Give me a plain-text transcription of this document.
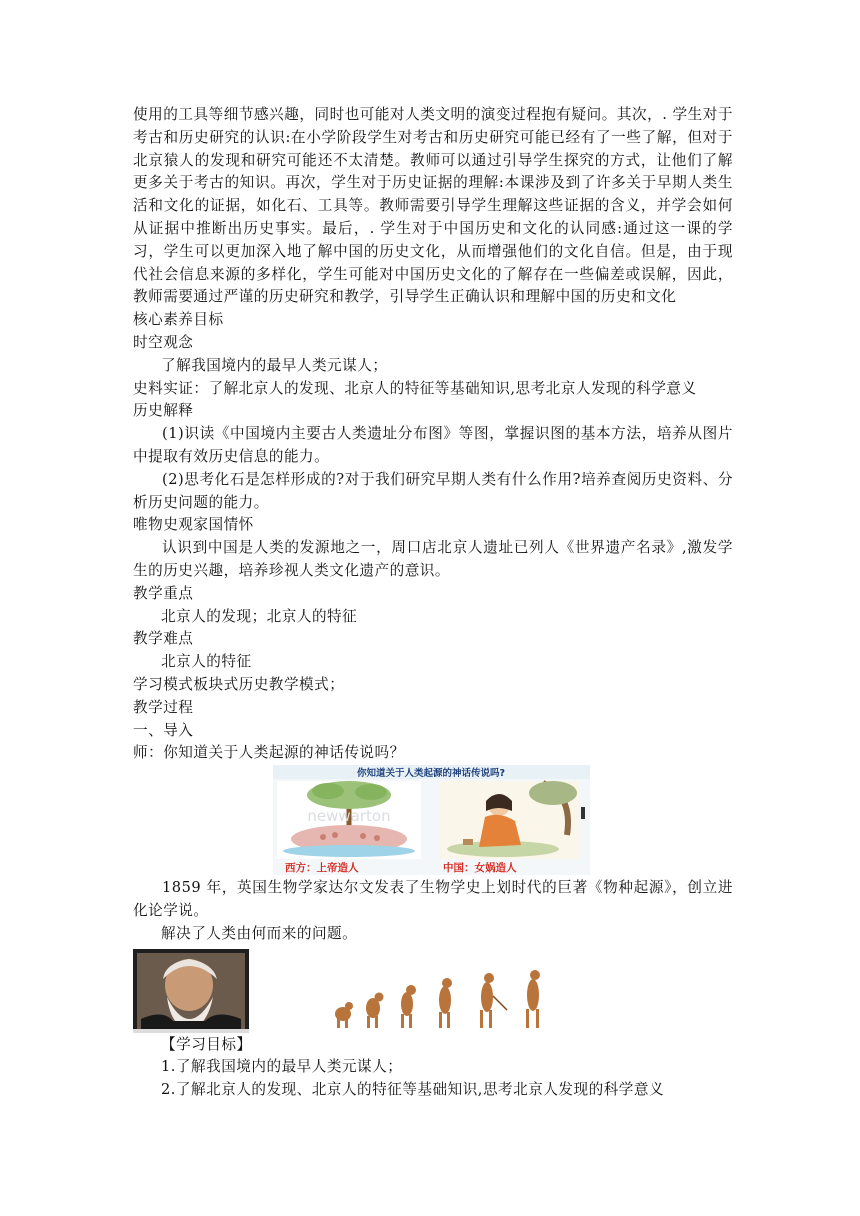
使用的工具等细节感兴趣，同时也可能对人类文明的演变过程抱有疑问。其次，. 学生对于考古和历史研究的认识:在小学阶段学生对考古和历史研究可能已经有了一些了解，但对于北京猿人的发现和研究可能还不太清楚。教师可以通过引导学生探究的方式，让他们了解更多关于考古的知识。再次，学生对于历史证据的理解:本课涉及到了许多关于早期人类生活和文化的证据，如化石、工具等。教师需要引导学生理解这些证据的含义，并学会如何从证据中推断出历史事实。最后，. 学生对于中国历史和文化的认同感:通过这一课的学习，学生可以更加深入地了解中国的历史文化，从而增强他们的文化自信。但是，由于现代社会信息来源的多样化，学生可能对中国历史文化的了解存在一些偏差或误解，因此，教师需要通过严谨的历史研究和教学，引导学生正确认识和理解中国的历史和文化
核心素养目标
时空观念
了解我国境内的最早人类元谋人；
史料实证：了解北京人的发现、北京人的特征等基础知识,思考北京人发现的科学意义
历史解释
(1)识读《中国境内主要古人类遗址分布图》等图，掌握识图的基本方法，培养从图片中提取有效历史信息的能力。
(2)思考化石是怎样形成的?对于我们研究早期人类有什么作用?培养查阅历史资料、分析历史问题的能力。
唯物史观家国情怀
认识到中国是人类的发源地之一，周口店北京人遗址已列人《世界遗产名录》,激发学生的历史兴趣，培养珍视人类文化遗产的意识。
教学重点
北京人的发现；北京人的特征
教学难点
北京人的特征
学习模式板块式历史教学模式；
教学过程
一、导入
师：你知道关于人类起源的神话传说吗？
你知道关于人类起源的神话传说吗?
newwarton
西方：上帝造人	中国：女娲造人
1859 年，英国生物学家达尔文发表了生物学史上划时代的巨著《物种起源》，创立进化论学说。
解决了人类由何而来的问题。
【学习目标】
1.了解我国境内的最早人类元谋人；
2.了解北京人的发现、北京人的特征等基础知识,思考北京人发现的科学意义
